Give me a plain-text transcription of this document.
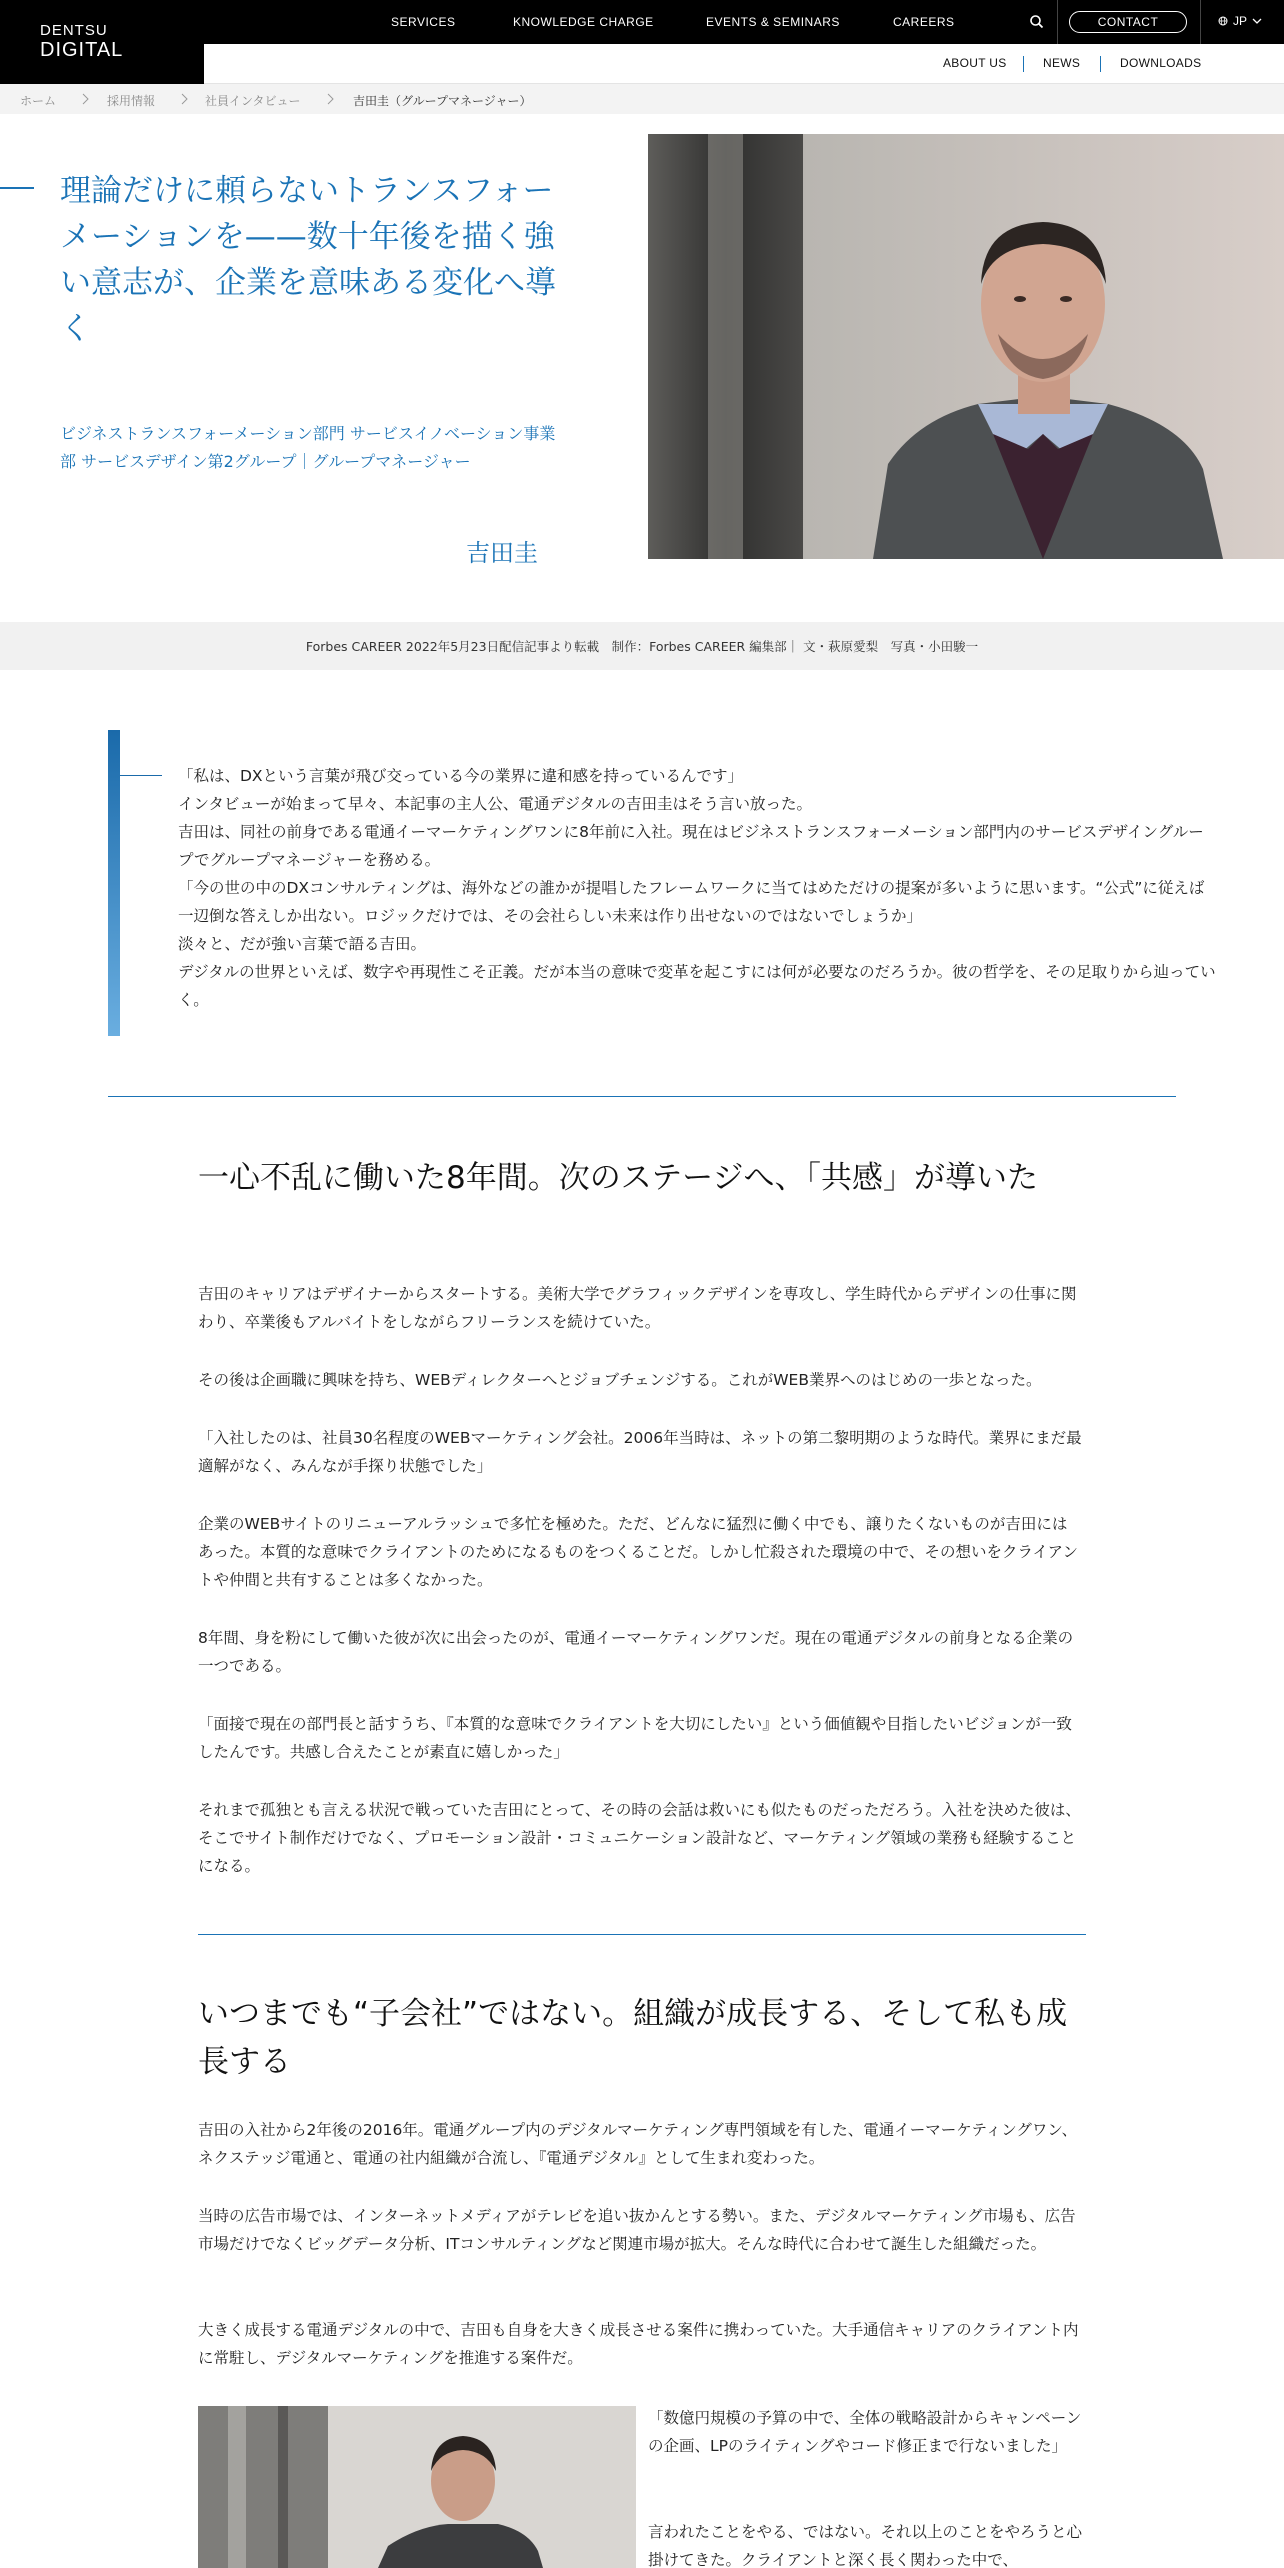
SERVICES	KNOWLEDGE CHARGE	EVENTS & SEMINARS	CAREERS	CONTACT	JP
DENTSU
DIGITAL
ABOUT US	NEWS	DOWNLOADS
ホーム	採用情報	社員インタビュー	吉田圭（グループマネージャー）
理論だけに頼らないトランスフォーメーションを——数十年後を描く強い意志が、企業を意味ある変化へ導く
ビジネストランスフォーメーション部門 サービスイノベーション事業部 サービスデザイン第2グループ｜グループマネージャー
吉田圭
Forbes CAREER 2022年5月23日配信記事より転載　制作：Forbes CAREER 編集部｜ 文・萩原愛梨　写真・小田駿一

「私は、DXという言葉が飛び交っている今の業界に違和感を持っているんです」

インタビューが始まって早々、本記事の主人公、電通デジタルの吉田圭はそう言い放った。

吉田は、同社の前身である電通イーマーケティングワンに8年前に入社。現在はビジネストランスフォーメーション部門内のサービスデザイングループでグループマネージャーを務める。

「今の世の中のDXコンサルティングは、海外などの誰かが提唱したフレームワークに当てはめただけの提案が多いように思います。“公式”に従えば一辺倒な答えしか出ない。ロジックだけでは、その会社らしい未来は作り出せないのではないでしょうか」

淡々と、だが強い言葉で語る吉田。

デジタルの世界といえば、数字や再現性こそ正義。だが本当の意味で変革を起こすには何が必要なのだろうか。彼の哲学を、その足取りから辿っていく。

一心不乱に働いた8年間。次のステージへ、「共感」が導いた

吉田のキャリアはデザイナーからスタートする。美術大学でグラフィックデザインを専攻し、学生時代からデザインの仕事に関わり、卒業後もアルバイトをしながらフリーランスを続けていた。

その後は企画職に興味を持ち、WEBディレクターへとジョブチェンジする。これがWEB業界へのはじめの一歩となった。

「入社したのは、社員30名程度のWEBマーケティング会社。2006年当時は、ネットの第二黎明期のような時代。業界にまだ最適解がなく、みんなが手探り状態でした」

企業のWEBサイトのリニューアルラッシュで多忙を極めた。ただ、どんなに猛烈に働く中でも、譲りたくないものが吉田にはあった。本質的な意味でクライアントのためになるものをつくることだ。しかし忙殺された環境の中で、その想いをクライアントや仲間と共有することは多くなかった。

8年間、身を粉にして働いた彼が次に出会ったのが、電通イーマーケティングワンだ。現在の電通デジタルの前身となる企業の一つである。

「面接で現在の部門長と話すうち、『本質的な意味でクライアントを大切にしたい』という価値観や目指したいビジョンが一致したんです。共感し合えたことが素直に嬉しかった」

それまで孤独とも言える状況で戦っていた吉田にとって、その時の会話は救いにも似たものだっただろう。入社を決めた彼は、そこでサイト制作だけでなく、プロモーション設計・コミュニケーション設計など、マーケティング領域の業務も経験することになる。

いつまでも“子会社”ではない。組織が成長する、そして私も成長する

吉田の入社から2年後の2016年。電通グループ内のデジタルマーケティング専門領域を有した、電通イーマーケティングワン、ネクステッジ電通と、電通の社内組織が合流し、『電通デジタル』として生まれ変わった。

当時の広告市場では、インターネットメディアがテレビを追い抜かんとする勢い。また、デジタルマーケティング市場も、広告市場だけでなくビッグデータ分析、ITコンサルティングなど関連市場が拡大。そんな時代に合わせて誕生した組織だった。

大きく成長する電通デジタルの中で、吉田も自身を大きく成長させる案件に携わっていた。大手通信キャリアのクライアント内に常駐し、デジタルマーケティングを推進する案件だ。

「数億円規模の予算の中で、全体の戦略設計からキャンペーンの企画、LPのライティングやコード修正まで行ないました」

言われたことをやる、ではない。それ以上のことをやろうと心掛けてきた。クライアントと深く長く関わった中で、
